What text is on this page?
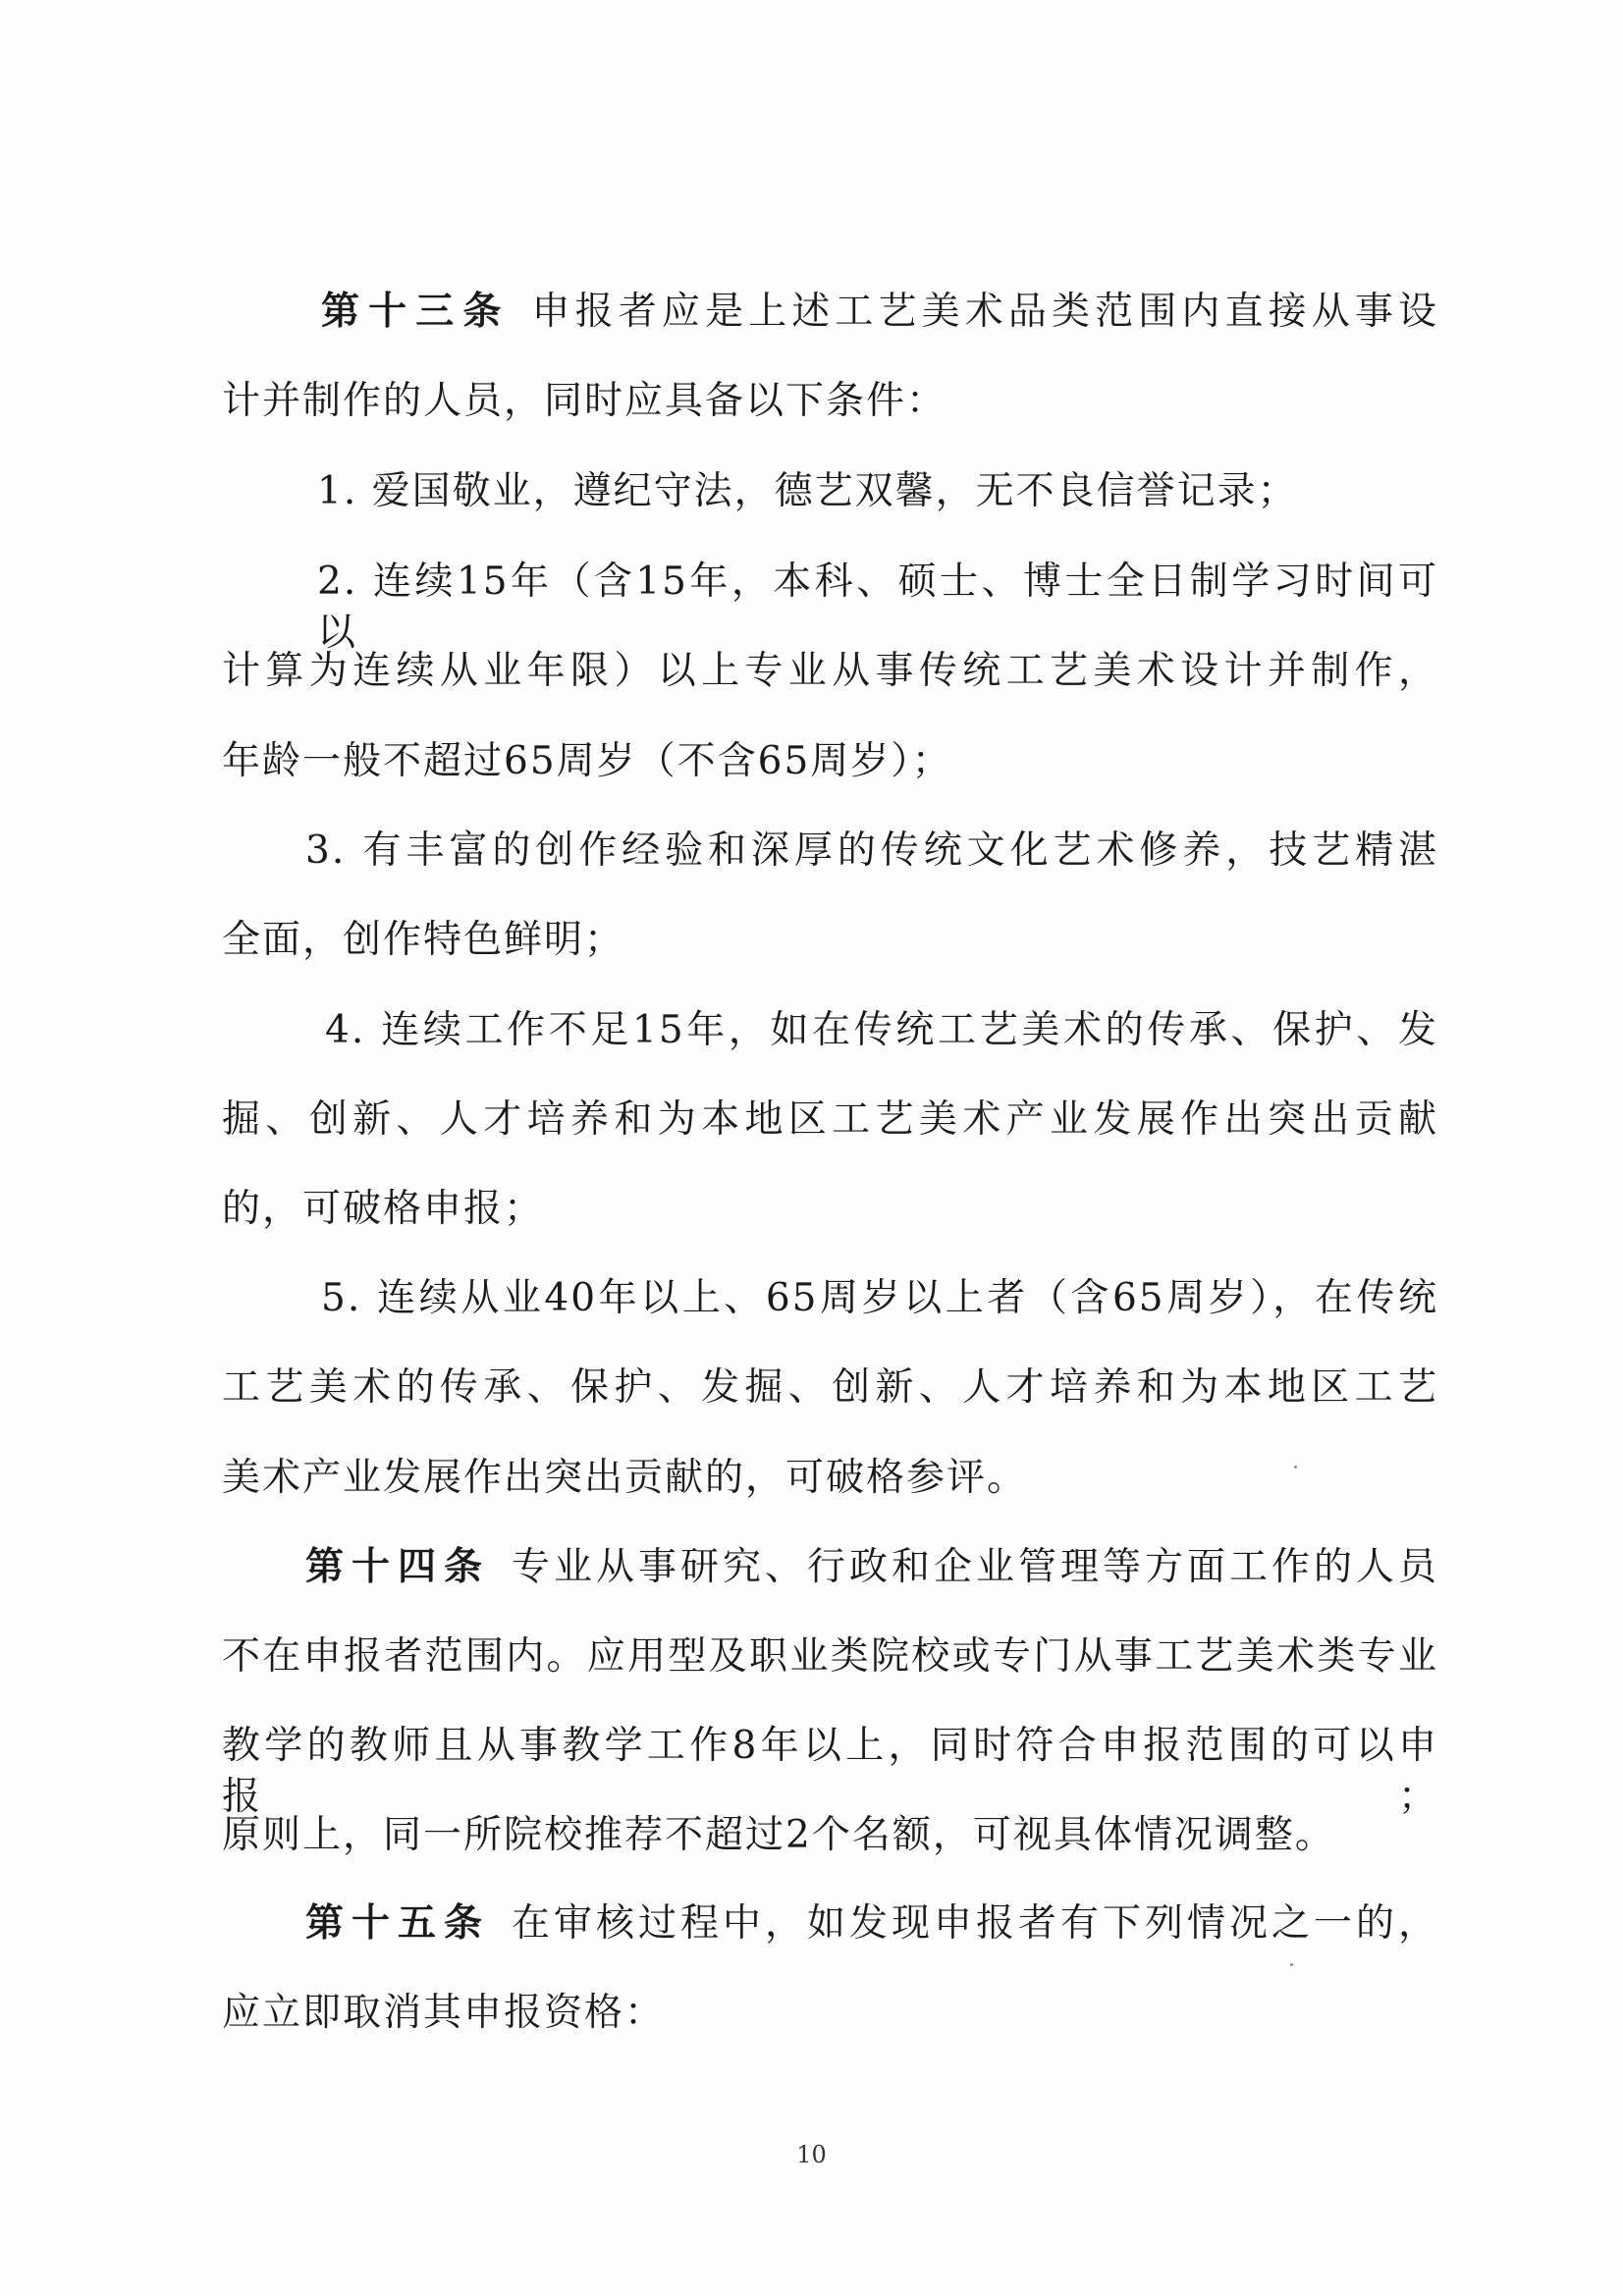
第十三条 申报者应是上述工艺美术品类范围内直接从事设
计并制作的人员，同时应具备以下条件：
1. 爱国敬业，遵纪守法，德艺双馨，无不良信誉记录；
2. 连续15年（含15年，本科、硕士、博士全日制学习时间可以
计算为连续从业年限）以上专业从事传统工艺美术设计并制作，
年龄一般不超过65周岁（不含65周岁）；
3. 有丰富的创作经验和深厚的传统文化艺术修养，技艺精湛
全面，创作特色鲜明；
4. 连续工作不足15年，如在传统工艺美术的传承、保护、发
掘、创新、人才培养和为本地区工艺美术产业发展作出突出贡献
的，可破格申报；
5. 连续从业40年以上、65周岁以上者（含65周岁），在传统
工艺美术的传承、保护、发掘、创新、人才培养和为本地区工艺
美术产业发展作出突出贡献的，可破格参评。
第十四条 专业从事研究、行政和企业管理等方面工作的人员
不在申报者范围内。应用型及职业类院校或专门从事工艺美术类专业
教学的教师且从事教学工作8年以上，同时符合申报范围的可以申报；
原则上，同一所院校推荐不超过2个名额，可视具体情况调整。
第十五条 在审核过程中，如发现申报者有下列情况之一的，
应立即取消其申报资格：
10
